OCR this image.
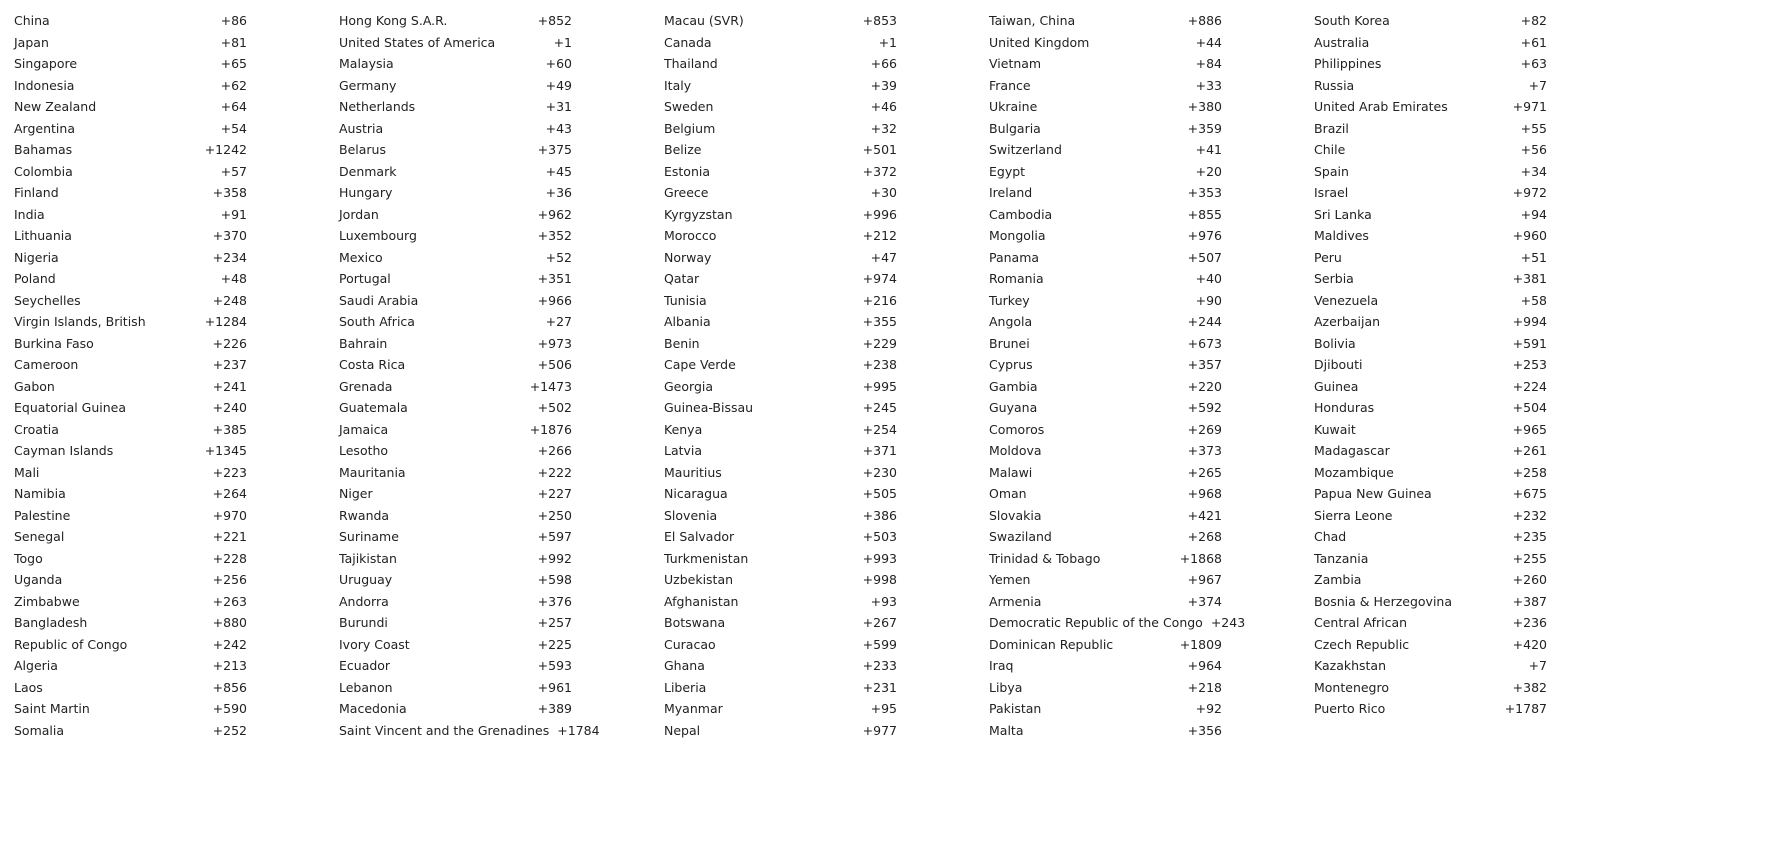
China	+86	Hong Kong S.A.R.	+852	Macau (SVR)	+853	Taiwan, China	+886	South Korea	+82
Japan	+81	United States of America	+1	Canada	+1	United Kingdom	+44	Australia	+61
Singapore	+65	Malaysia	+60	Thailand	+66	Vietnam	+84	Philippines	+63
Indonesia	+62	Germany	+49	Italy	+39	France	+33	Russia	+7
New Zealand	+64	Netherlands	+31	Sweden	+46	Ukraine	+380	United Arab Emirates	+971
Argentina	+54	Austria	+43	Belgium	+32	Bulgaria	+359	Brazil	+55
Bahamas	+1242	Belarus	+375	Belize	+501	Switzerland	+41	Chile	+56
Colombia	+57	Denmark	+45	Estonia	+372	Egypt	+20	Spain	+34
Finland	+358	Hungary	+36	Greece	+30	Ireland	+353	Israel	+972
India	+91	Jordan	+962	Kyrgyzstan	+996	Cambodia	+855	Sri Lanka	+94
Lithuania	+370	Luxembourg	+352	Morocco	+212	Mongolia	+976	Maldives	+960
Nigeria	+234	Mexico	+52	Norway	+47	Panama	+507	Peru	+51
Poland	+48	Portugal	+351	Qatar	+974	Romania	+40	Serbia	+381
Seychelles	+248	Saudi Arabia	+966	Tunisia	+216	Turkey	+90	Venezuela	+58
Virgin Islands, British	+1284	South Africa	+27	Albania	+355	Angola	+244	Azerbaijan	+994
Burkina Faso	+226	Bahrain	+973	Benin	+229	Brunei	+673	Bolivia	+591
Cameroon	+237	Costa Rica	+506	Cape Verde	+238	Cyprus	+357	Djibouti	+253
Gabon	+241	Grenada	+1473	Georgia	+995	Gambia	+220	Guinea	+224
Equatorial Guinea	+240	Guatemala	+502	Guinea-Bissau	+245	Guyana	+592	Honduras	+504
Croatia	+385	Jamaica	+1876	Kenya	+254	Comoros	+269	Kuwait	+965
Cayman Islands	+1345	Lesotho	+266	Latvia	+371	Moldova	+373	Madagascar	+261
Mali	+223	Mauritania	+222	Mauritius	+230	Malawi	+265	Mozambique	+258
Namibia	+264	Niger	+227	Nicaragua	+505	Oman	+968	Papua New Guinea	+675
Palestine	+970	Rwanda	+250	Slovenia	+386	Slovakia	+421	Sierra Leone	+232
Senegal	+221	Suriname	+597	El Salvador	+503	Swaziland	+268	Chad	+235
Togo	+228	Tajikistan	+992	Turkmenistan	+993	Trinidad & Tobago	+1868	Tanzania	+255
Uganda	+256	Uruguay	+598	Uzbekistan	+998	Yemen	+967	Zambia	+260
Zimbabwe	+263	Andorra	+376	Afghanistan	+93	Armenia	+374	Bosnia & Herzegovina	+387
Bangladesh	+880	Burundi	+257	Botswana	+267	Democratic Republic of the Congo +243	Central African	+236
Republic of Congo	+242	Ivory Coast	+225	Curacao	+599	Dominican Republic	+1809	Czech Republic	+420
Algeria	+213	Ecuador	+593	Ghana	+233	Iraq	+964	Kazakhstan	+7
Laos	+856	Lebanon	+961	Liberia	+231	Libya	+218	Montenegro	+382
Saint Martin	+590	Macedonia	+389	Myanmar	+95	Pakistan	+92	Puerto Rico	+1787
Somalia	+252	Saint Vincent and the Grenadines +1784	Nepal	+977	Malta	+356
